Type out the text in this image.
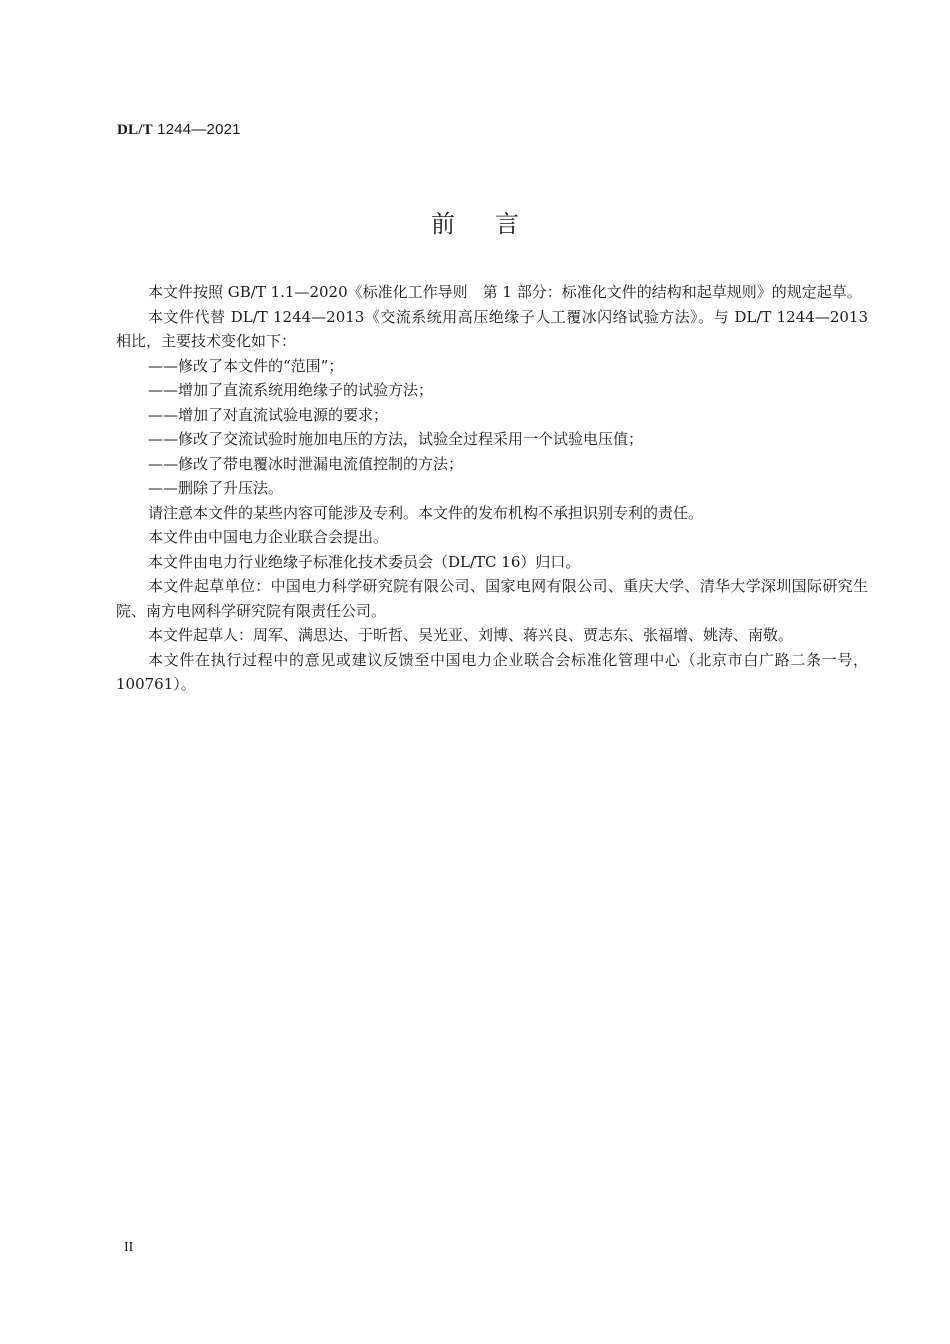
DL/T 1244—2021
前言

本文件按照 GB/T 1.1—2020《标准化工作导则　第 1 部分：标准化文件的结构和起草规则》的规定起草。

本文件代替 DL/T 1244—2013《交流系统用高压绝缘子人工覆冰闪络试验方法》。与 DL/T 1244—2013 相比，主要技术变化如下：

——修改了本文件的“范围”；
——增加了直流系统用绝缘子的试验方法；
——增加了对直流试验电源的要求；
——修改了交流试验时施加电压的方法，试验全过程采用一个试验电压值；
——修改了带电覆冰时泄漏电流值控制的方法；
——删除了升压法。

请注意本文件的某些内容可能涉及专利。本文件的发布机构不承担识别专利的责任。

本文件由中国电力企业联合会提出。

本文件由电力行业绝缘子标准化技术委员会（DL/TC 16）归口。

本文件起草单位：中国电力科学研究院有限公司、国家电网有限公司、重庆大学、清华大学深圳国际研究生院、南方电网科学研究院有限责任公司。

本文件起草人：周军、满思达、于昕哲、吴光亚、刘博、蒋兴良、贾志东、张福增、姚涛、南敬。

本文件在执行过程中的意见或建议反馈至中国电力企业联合会标准化管理中心（北京市白广路二条一号，100761）。

II
